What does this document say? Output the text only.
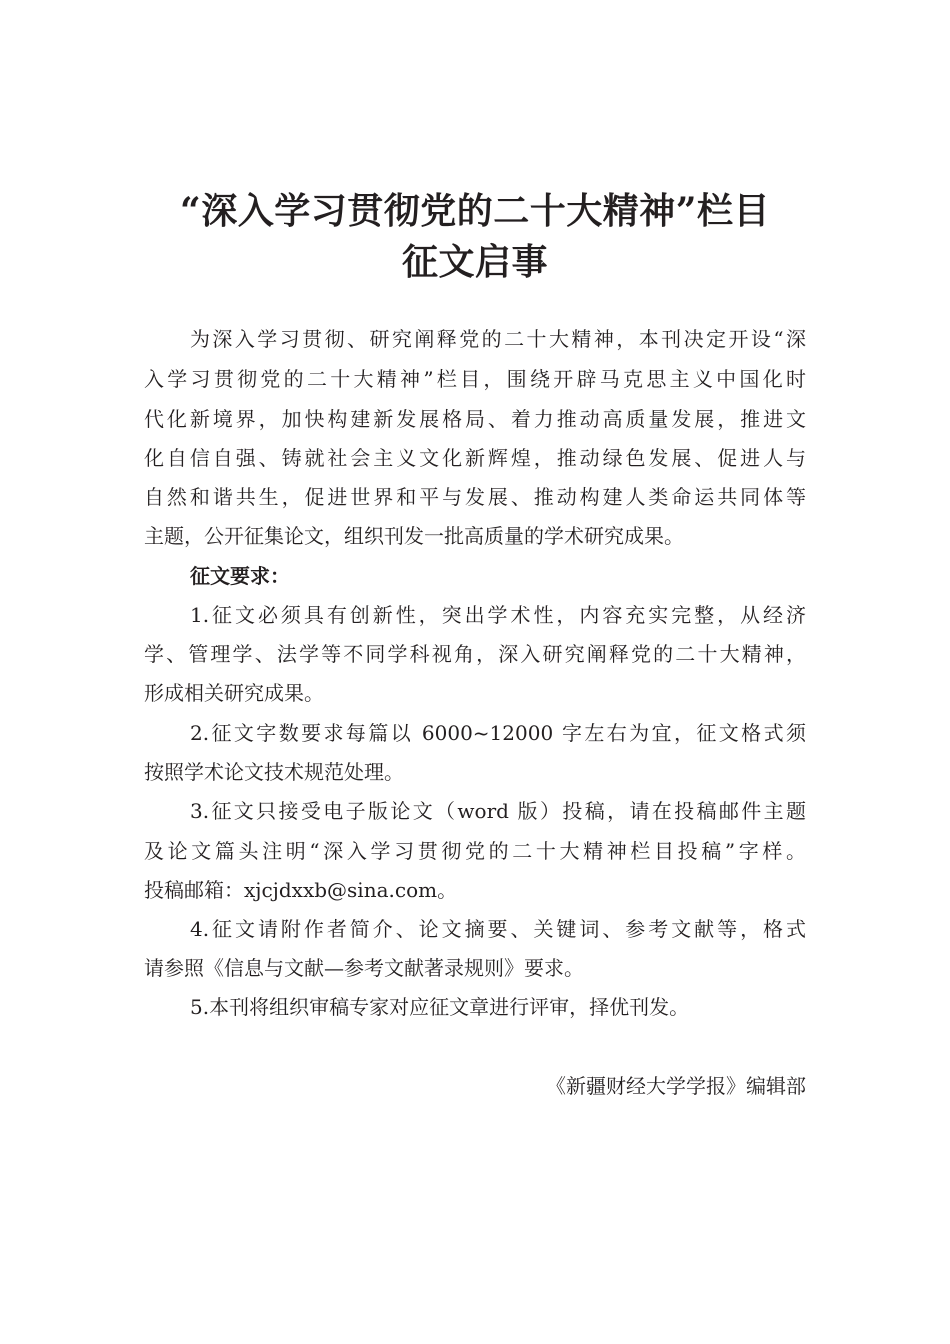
“深入学习贯彻党的二十大精神”栏目
征文启事
为深入学习贯彻、研究阐释党的二十大精神，本刊决定开设“深
入学习贯彻党的二十大精神”栏目，围绕开辟马克思主义中国化时
代化新境界，加快构建新发展格局、着力推动高质量发展，推进文
化自信自强、铸就社会主义文化新辉煌，推动绿色发展、促进人与
自然和谐共生，促进世界和平与发展、推动构建人类命运共同体等
主题，公开征集论文，组织刊发一批高质量的学术研究成果。
征文要求：
1.征文必须具有创新性，突出学术性，内容充实完整，从经济
学、管理学、法学等不同学科视角，深入研究阐释党的二十大精神，
形成相关研究成果。
2.征文字数要求每篇以 6000~12000 字左右为宜，征文格式须
按照学术论文技术规范处理。
3.征文只接受电子版论文（word 版）投稿，请在投稿邮件主题
及论文篇头注明“深入学习贯彻党的二十大精神栏目投稿”字样。
投稿邮箱：xjcjdxxb@sina.com。
4.征文请附作者简介、论文摘要、关键词、参考文献等，格式
请参照《信息与文献—参考文献著录规则》要求。
5.本刊将组织审稿专家对应征文章进行评审，择优刊发。
《新疆财经大学学报》编辑部
